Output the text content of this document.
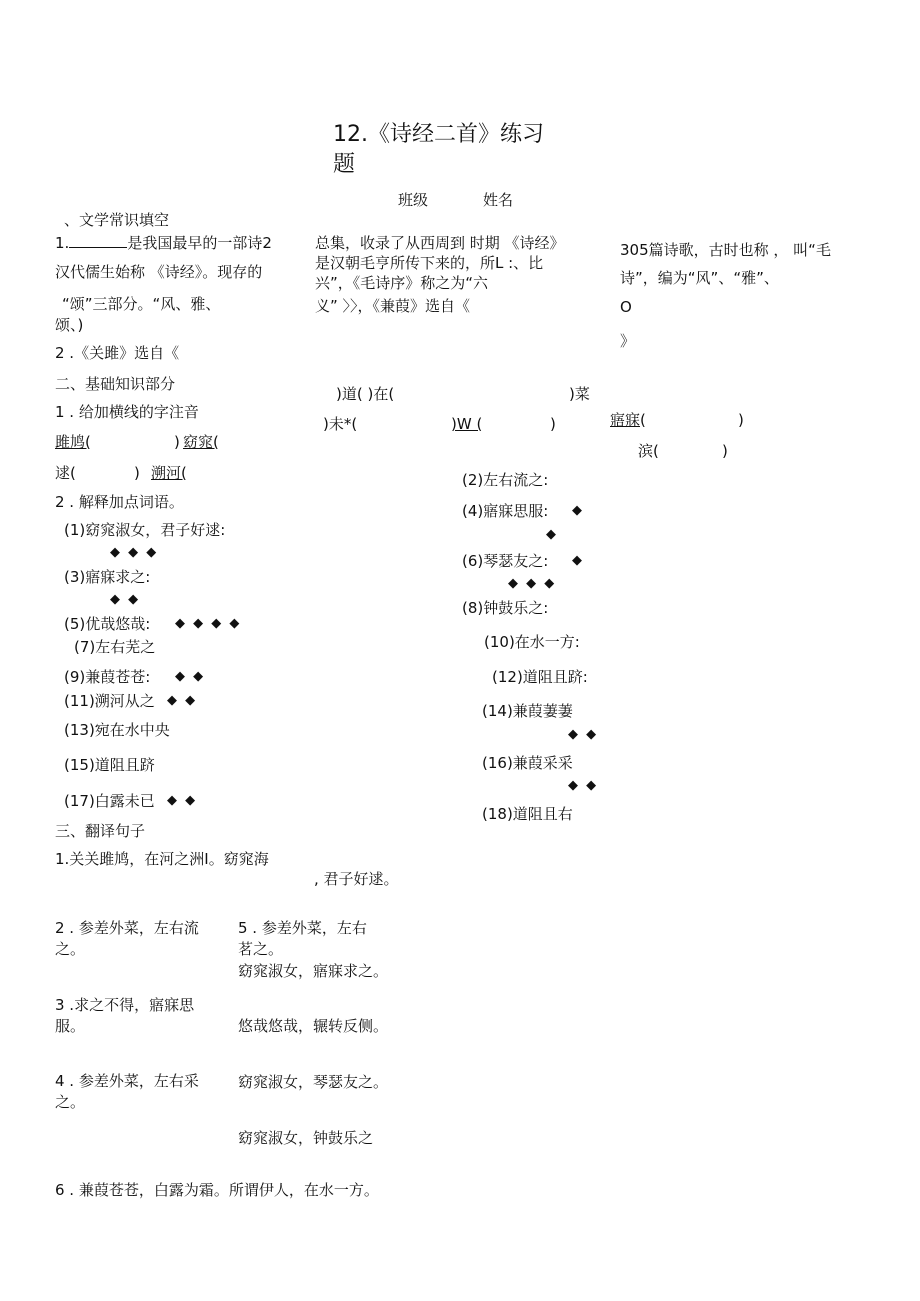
12.《诗经二首》练习
题
班级	姓名
、文学常识填空
1.	是我国最早的一部诗2
汉代儒生始称 《诗经》。现存的
“颂”三部分。“风、雅、
颂、)
总集，收录了从西周到 时期 《诗经》
是汉朝毛亨所传下来的，所L :、比
兴”，《毛诗序》称之为“六
义” 〉〉，《兼葭》选自《
305篇诗歌，古时也称 ， 叫“毛
诗”，编为“风”、“雅”、
O
》
2 .《关雎》选自《
二、基础知识部分
1 . 给加横线的字注音
雎鸠(	) 窈窕(
逑(	) 溯河(
)道( )在(	)菜
)未*(	)W (	)	寤寐(	)
滨(	)
2 . 解释加点词语。
(1)窈窕淑女，君子好逑:
◆ ◆ ◆
(3)寤寐求之:
◆ ◆
(5)优哉悠哉: ◆ ◆ ◆ ◆
(7)左右芜之
(9)兼葭苍苍: ◆ ◆
(11)溯河从之 ◆ ◆
(13)宛在水中央
(15)道阻且跻
(17)白露未已 ◆ ◆
(2)左右流之:
(4)寤寐思服: ◆
◆
(6)琴瑟友之: ◆
◆ ◆ ◆
(8)钟鼓乐之:
(10)在水一方:
(12)道阻且跻:
(14)兼葭萋萋
◆ ◆
(16)兼葭采采
◆ ◆
(18)道阻且右
三、翻译句子
1.关关雎鸠，在河之洲I。窈窕海
, 君子好逑。
2 . 参差外菜，左右流
之。
5 . 参差外菜，左右
茗之。
窈窕淑女，寤寐求之。
3 .求之不得，寤寐思
服。	悠哉悠哉，辗转反侧。
4 . 参差外菜，左右采
之。
窈窕淑女，琴瑟友之。
窈窕淑女，钟鼓乐之
6 . 兼葭苍苍，白露为霜。所谓伊人，在水一方。
